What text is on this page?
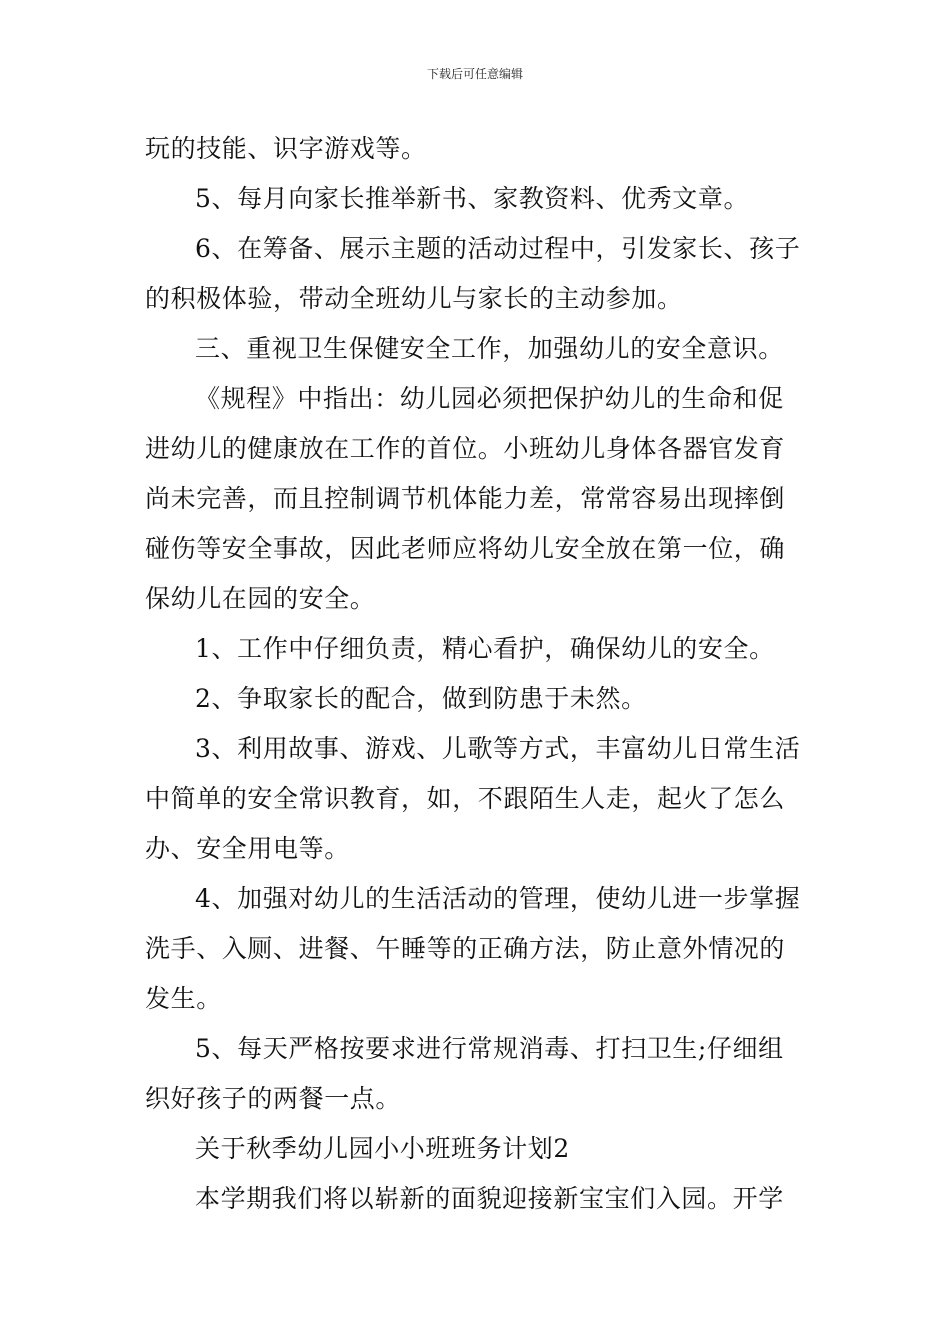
下载后可任意编辑
玩的技能、识字游戏等。
5、每月向家长推举新书、家教资料、优秀文章。
6、在筹备、展示主题的活动过程中，引发家长、孩子
的积极体验，带动全班幼儿与家长的主动参加。
三、重视卫生保健安全工作，加强幼儿的安全意识。
《规程》中指出：幼儿园必须把保护幼儿的生命和促
进幼儿的健康放在工作的首位。小班幼儿身体各器官发育
尚未完善，而且控制调节机体能力差，常常容易出现摔倒
碰伤等安全事故，因此老师应将幼儿安全放在第一位，确
保幼儿在园的安全。
1、工作中仔细负责，精心看护，确保幼儿的安全。
2、争取家长的配合，做到防患于未然。
3、利用故事、游戏、儿歌等方式，丰富幼儿日常生活
中简单的安全常识教育，如，不跟陌生人走，起火了怎么
办、安全用电等。
4、加强对幼儿的生活活动的管理，使幼儿进一步掌握
洗手、入厕、进餐、午睡等的正确方法，防止意外情况的
发生。
5、每天严格按要求进行常规消毒、打扫卫生;仔细组
织好孩子的两餐一点。
关于秋季幼儿园小小班班务计划2
本学期我们将以崭新的面貌迎接新宝宝们入园。开学
